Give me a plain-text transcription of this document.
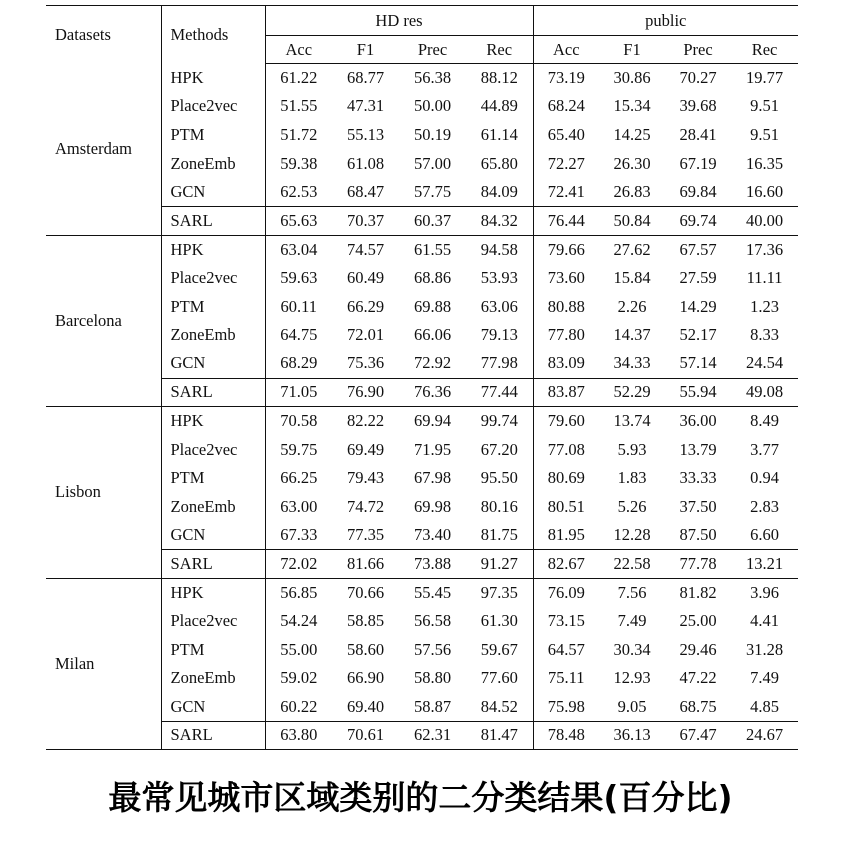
Datasets	Methods	HD res				public			
		Acc	F1	Prec	Rec	Acc	F1	Prec	Rec
Amsterdam	HPK	61.22	68.77	56.38	88.12	73.19	30.86	70.27	19.77
	Place2vec	51.55	47.31	50.00	44.89	68.24	15.34	39.68	9.51
	PTM	51.72	55.13	50.19	61.14	65.40	14.25	28.41	9.51
	ZoneEmb	59.38	61.08	57.00	65.80	72.27	26.30	67.19	16.35
	GCN	62.53	68.47	57.75	84.09	72.41	26.83	69.84	16.60
	SARL	65.63	70.37	60.37	84.32	76.44	50.84	69.74	40.00
Barcelona	HPK	63.04	74.57	61.55	94.58	79.66	27.62	67.57	17.36
	Place2vec	59.63	60.49	68.86	53.93	73.60	15.84	27.59	11.11
	PTM	60.11	66.29	69.88	63.06	80.88	2.26	14.29	1.23
	ZoneEmb	64.75	72.01	66.06	79.13	77.80	14.37	52.17	8.33
	GCN	68.29	75.36	72.92	77.98	83.09	34.33	57.14	24.54
	SARL	71.05	76.90	76.36	77.44	83.87	52.29	55.94	49.08
Lisbon	HPK	70.58	82.22	69.94	99.74	79.60	13.74	36.00	8.49
	Place2vec	59.75	69.49	71.95	67.20	77.08	5.93	13.79	3.77
	PTM	66.25	79.43	67.98	95.50	80.69	1.83	33.33	0.94
	ZoneEmb	63.00	74.72	69.98	80.16	80.51	5.26	37.50	2.83
	GCN	67.33	77.35	73.40	81.75	81.95	12.28	87.50	6.60
	SARL	72.02	81.66	73.88	91.27	82.67	22.58	77.78	13.21
Milan	HPK	56.85	70.66	55.45	97.35	76.09	7.56	81.82	3.96
	Place2vec	54.24	58.85	56.58	61.30	73.15	7.49	25.00	4.41
	PTM	55.00	58.60	57.56	59.67	64.57	30.34	29.46	31.28
	ZoneEmb	59.02	66.90	58.80	77.60	75.11	12.93	47.22	7.49
	GCN	60.22	69.40	58.87	84.52	75.98	9.05	68.75	4.85
	SARL	63.80	70.61	62.31	81.47	78.48	36.13	67.47	24.67
最常见城市区域类别的二分类结果(百分比)
